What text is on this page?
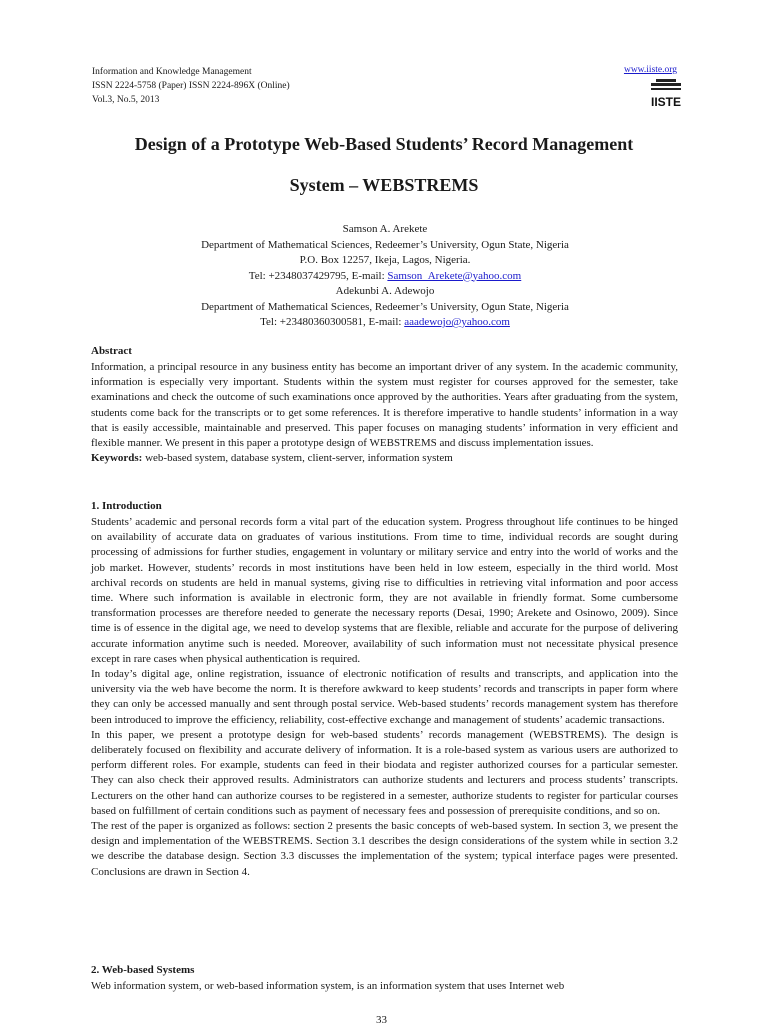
Information and Knowledge Management
ISSN 2224-5758 (Paper) ISSN 2224-896X (Online)
Vol.3, No.5, 2013
www.iiste.org
IISTE
Design of a Prototype Web-Based Students’ Record Management
System – WEBSTREMS
Samson A. Arekete
Department of Mathematical Sciences, Redeemer’s University, Ogun State, Nigeria
P.O. Box 12257, Ikeja, Lagos, Nigeria.
Tel: +2348037429795, E-mail: Samson_Arekete@yahoo.com
Adekunbi A. Adewojo
Department of Mathematical Sciences, Redeemer’s University, Ogun State, Nigeria
Tel: +23480360300581, E-mail: aaadewojo@yahoo.com
Abstract

Information, a principal resource in any business entity has become an important driver of any system. In the academic community, information is especially very important. Students within the system must register for courses approved for the semester, take examinations and check the outcome of such examinations once approved by the authorities. Years after graduating from the system, students come back for the transcripts or to get some references. It is therefore imperative to handle students’ information in a way that is easily accessible, maintainable and preserved. This paper focuses on managing students’ information in very efficient and flexible manner. We present in this paper a prototype design of WEBSTREMS and discuss implementation issues.

Keywords: web-based system, database system, client-server, information system

1. Introduction

Students’ academic and personal records form a vital part of the education system. Progress throughout life continues to be hinged on availability of accurate data on graduates of various institutions. From time to time, individual records are sought during processing of admissions for further studies, engagement in voluntary or military service and entry into the world of works and the job market. However, students’ records in most institutions have been held in low esteem, especially in the third world. Most archival records on students are held in manual systems, giving rise to difficulties in retrieving vital information and poor access time. Where such information is available in electronic form, they are not available in friendly format. Some cumbersome transformation processes are therefore needed to generate the necessary reports (Desai, 1990; Arekete and Osinowo, 2009). Since time is of essence in the digital age, we need to develop systems that are flexible, reliable and accurate for the purpose of delivering accurate information anytime such is needed. Moreover, availability of such information must not necessitate physical presence except in rare cases when physical authentication is required.

In today’s digital age, online registration, issuance of electronic notification of results and transcripts, and application into the university via the web have become the norm. It is therefore awkward to keep students’ records and transcripts in paper form where they can only be accessed manually and sent through postal service. Web-based students’ records management system has therefore been introduced to improve the efficiency, reliability, cost-effective exchange and management of students’ academic transactions.

In this paper, we present a prototype design for web-based students’ records management (WEBSTREMS). The design is deliberately focused on flexibility and accurate delivery of information. It is a role-based system as various users are authorized to perform different roles. For example, students can feed in their biodata and register authorized courses for a particular semester. They can also check their approved results. Administrators can authorize students and lecturers and process students’ transcripts. Lecturers on the other hand can authorize courses to be registered in a semester, authorize students to register for particular courses based on fulfillment of certain conditions such as payment of necessary fees and possession of prerequisite conditions, and so on.

The rest of the paper is organized as follows: section 2 presents the basic concepts of web-based system. In section 3, we present the design and implementation of the WEBSTREMS. Section 3.1 describes the design considerations of the system while in section 3.2 we describe the database design. Section 3.3 discusses the implementation of the system; typical interface pages were presented. Conclusions are drawn in Section 4.

2. Web-based Systems

Web information system, or web-based information system, is an information system that uses Internet web

33
